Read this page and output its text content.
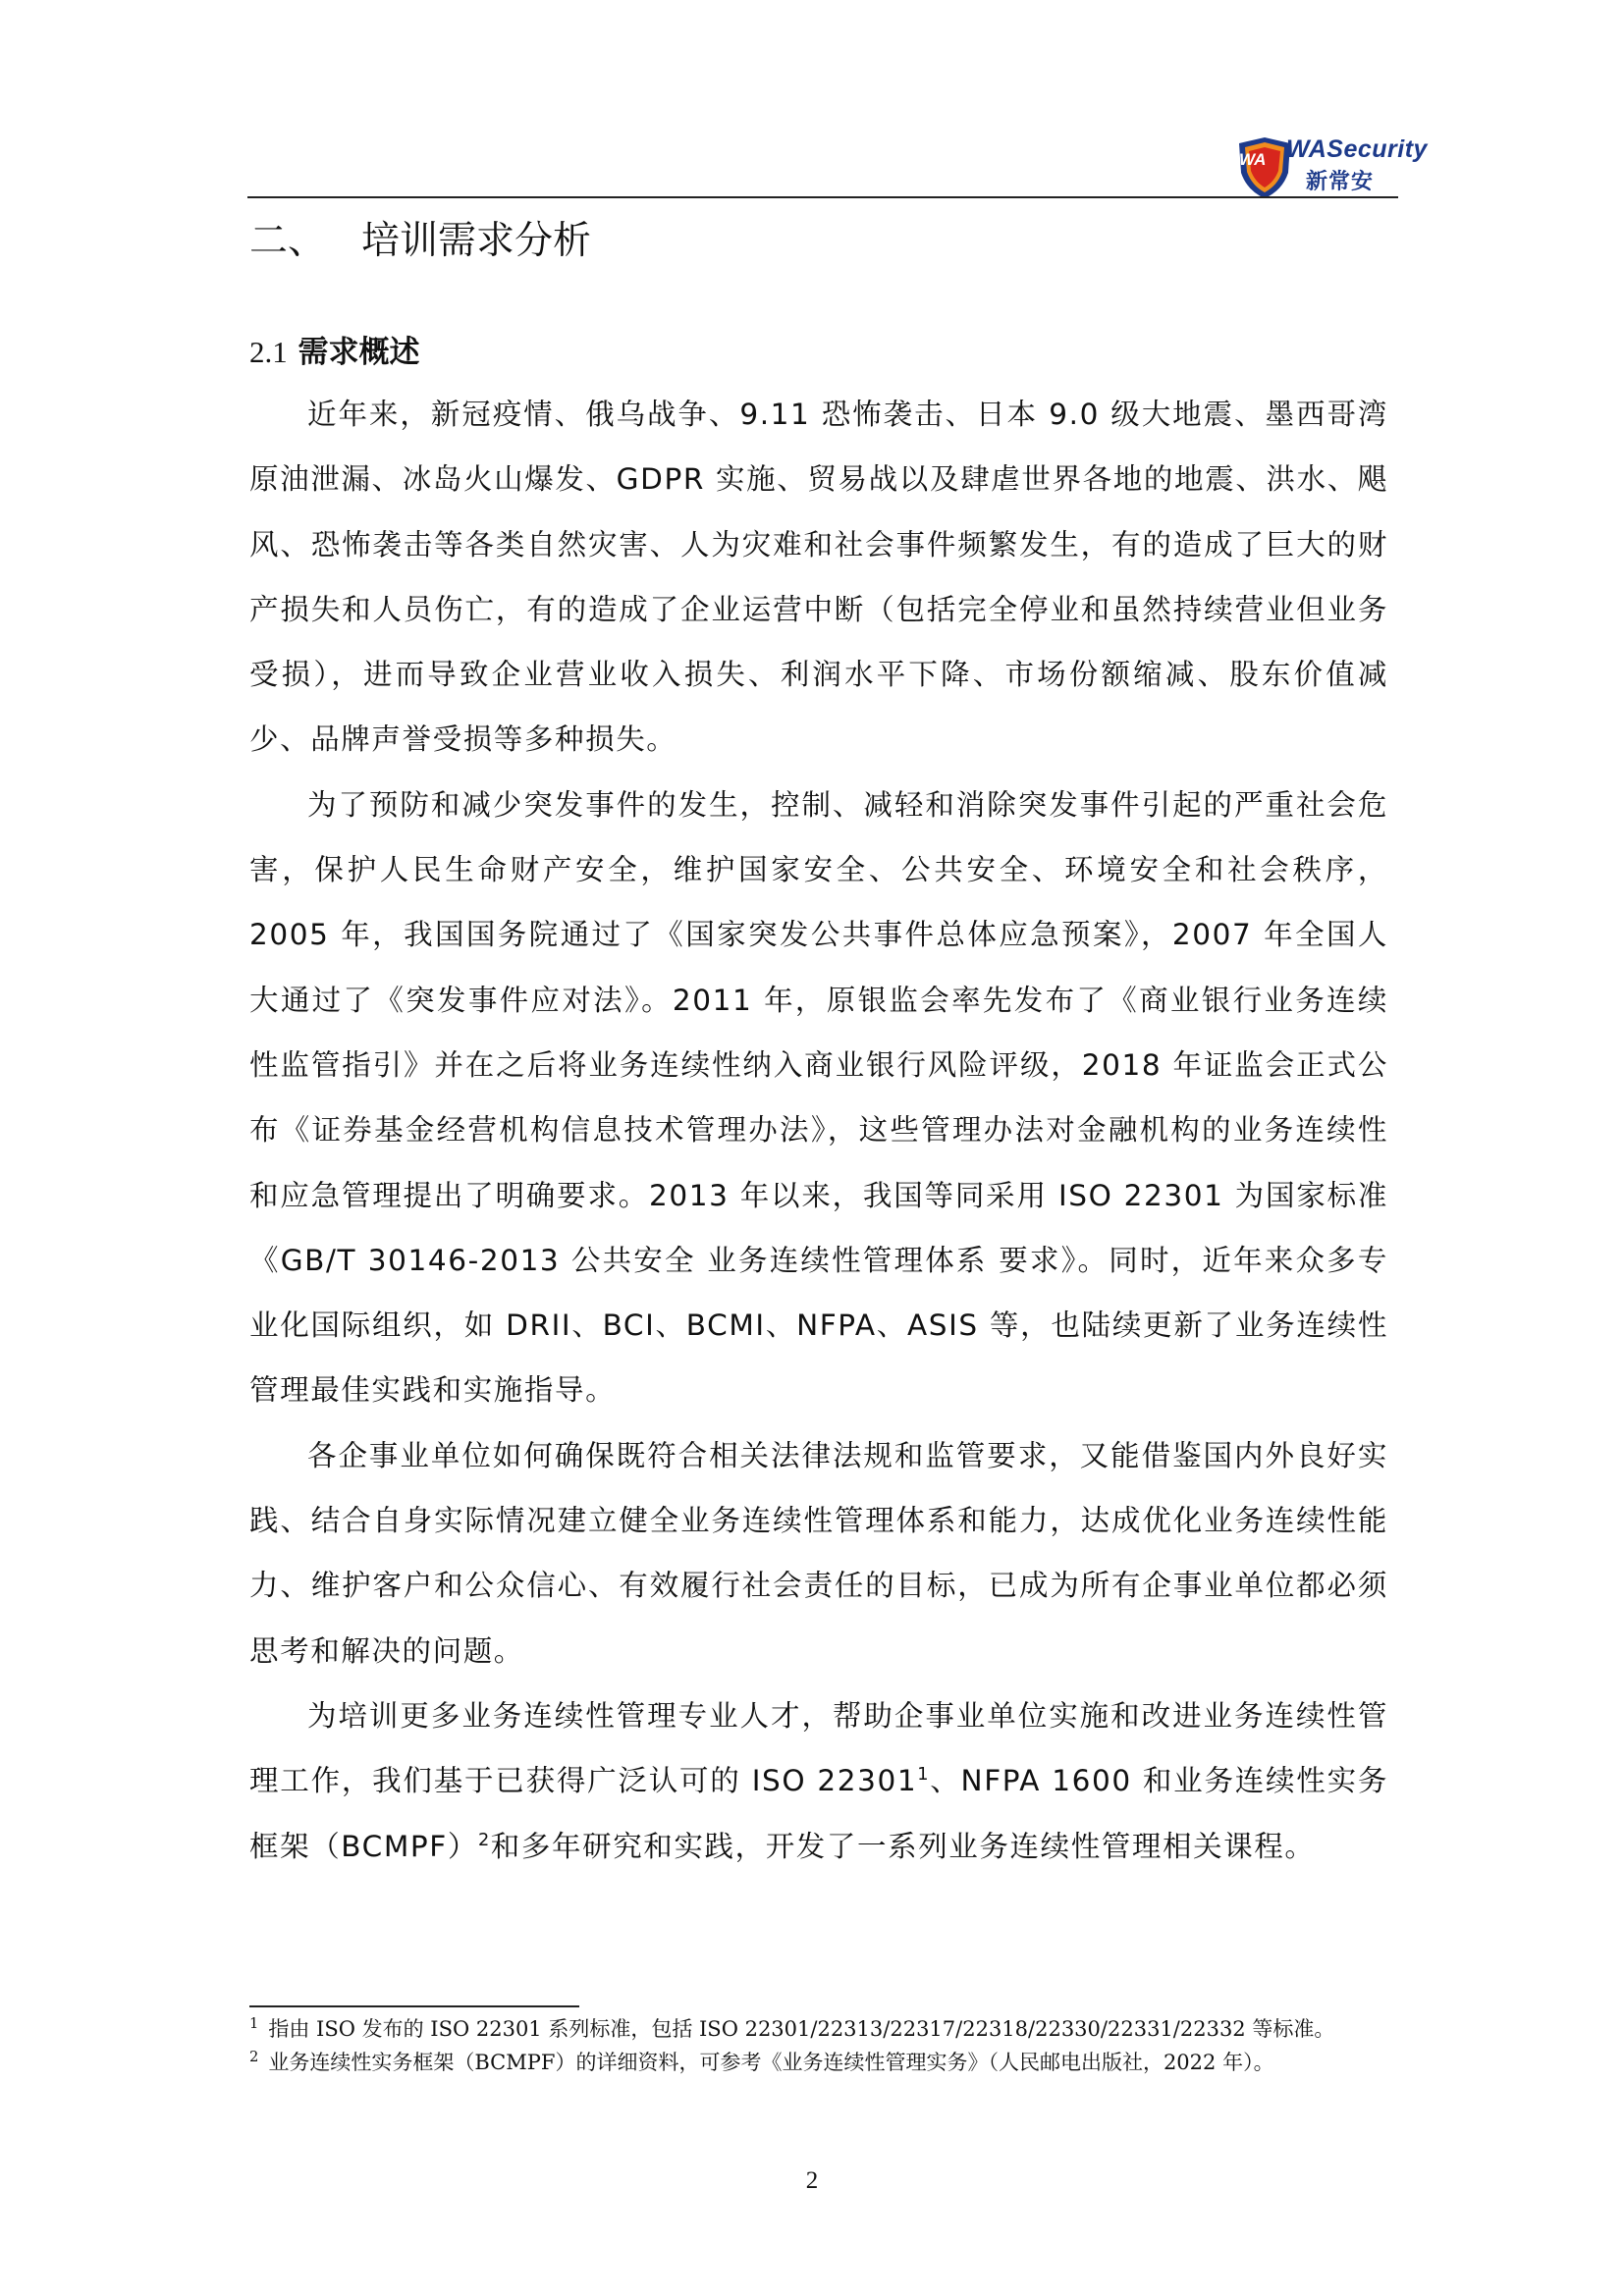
WA WASecurity
新常安
二、 培训需求分析
2.1 需求概述

近年来，新冠疫情、俄乌战争、9.11 恐怖袭击、日本 9.0 级大地震、墨西哥湾原油泄漏、冰岛火山爆发、GDPR 实施、贸易战以及肆虐世界各地的地震、洪水、飓风、恐怖袭击等各类自然灾害、人为灾难和社会事件频繁发生，有的造成了巨大的财产损失和人员伤亡，有的造成了企业运营中断（包括完全停业和虽然持续营业但业务受损），进而导致企业营业收入损失、利润水平下降、市场份额缩减、股东价值减少、品牌声誉受损等多种损失。

为了预防和减少突发事件的发生，控制、减轻和消除突发事件引起的严重社会危害，保护人民生命财产安全，维护国家安全、公共安全、环境安全和社会秩序，2005 年，我国国务院通过了《国家突发公共事件总体应急预案》，2007 年全国人大通过了《突发事件应对法》。2011 年，原银监会率先发布了《商业银行业务连续性监管指引》并在之后将业务连续性纳入商业银行风险评级，2018 年证监会正式公布《证券基金经营机构信息技术管理办法》，这些管理办法对金融机构的业务连续性和应急管理提出了明确要求。2013 年以来，我国等同采用 ISO 22301 为国家标准《GB/T 30146-2013 公共安全 业务连续性管理体系 要求》。同时，近年来众多专业化国际组织，如 DRII、BCI、BCMI、NFPA、ASIS 等，也陆续更新了业务连续性管理最佳实践和实施指导。

各企事业单位如何确保既符合相关法律法规和监管要求，又能借鉴国内外良好实践、结合自身实际情况建立健全业务连续性管理体系和能力，达成优化业务连续性能力、维护客户和公众信心、有效履行社会责任的目标，已成为所有企事业单位都必须思考和解决的问题。

为培训更多业务连续性管理专业人才，帮助企事业单位实施和改进业务连续性管理工作，我们基于已获得广泛认可的 ISO 22301$^1$、NFPA 1600 和业务连续性实务框架（BCMPF）$^2$和多年研究和实践，开发了一系列业务连续性管理相关课程。

$^1$ 指由 ISO 发布的 ISO 22301 系列标准，包括 ISO 22301/22313/22317/22318/22330/22331/22332 等标准。

$^2$ 业务连续性实务框架（BCMPF）的详细资料，可参考《业务连续性管理实务》（人民邮电出版社，2022 年）。

2
